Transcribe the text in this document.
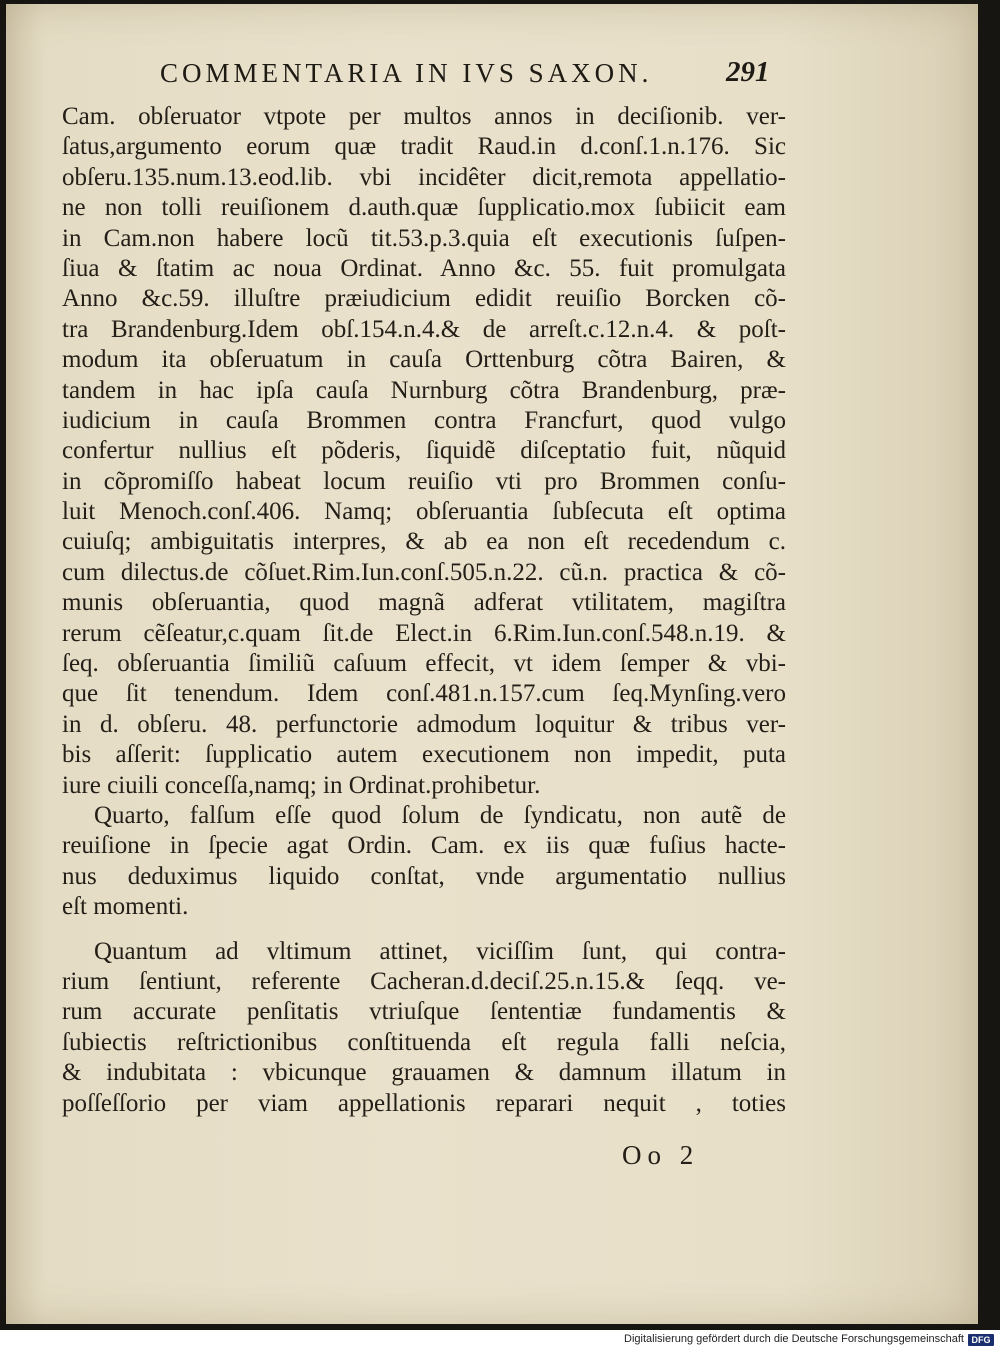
COMMENTARIA IN IVS SAXON.	291
Cam. obſeruator vtpote per multos annos in deciſionib. ver-
ſatus,argumento eorum quæ tradit Raud.in d.conſ.1.n.176. Sic
obſeru.135.num.13.eod.lib. vbi incidêter dicit,remota appellatio-
ne non tolli reuiſionem d.auth.quæ ſupplicatio.mox ſubiicit eam
in Cam.non habere locũ tit.53.p.3.quia eſt executionis ſuſpen-
ſiua & ſtatim ac noua Ordinat. Anno &c. 55. fuit promulgata
Anno &c.59. illuſtre præiudicium edidit reuiſio Borcken cõ-
tra Brandenburg.Idem obſ.154.n.4.& de arreſt.c.12.n.4. & poſt-
modum ita obſeruatum in cauſa Orttenburg cõtra Bairen, &
tandem in hac ipſa cauſa Nurnburg cõtra Brandenburg, præ-
iudicium in cauſa Brommen contra Francfurt, quod vulgo
confertur nullius eſt põderis, ſiquidẽ diſceptatio fuit, nũquid
in cõpromiſſo habeat locum reuiſio vti pro Brommen conſu-
luit Menoch.conſ.406. Namq; obſeruantia ſubſecuta eſt optima
cuiuſq; ambiguitatis interpres, & ab ea non eſt recedendum c.
cum dilectus.de cõſuet.Rim.Iun.conſ.505.n.22. cũ.n. practica & cõ-
munis obſeruantia, quod magnã adferat vtilitatem, magiſtra
rerum cẽſeatur,c.quam ſit.de Elect.in 6.Rim.Iun.conſ.548.n.19. &
ſeq. obſeruantia ſimiliũ caſuum effecit, vt idem ſemper & vbi-
que ſit tenendum. Idem conſ.481.n.157.cum ſeq.Mynſing.vero
in d. obſeru. 48. perfunctorie admodum loquitur & tribus ver-
bis aſſerit: ſupplicatio autem executionem non impedit, puta
iure ciuili conceſſa,namq; in Ordinat.prohibetur.
Quarto, falſum eſſe quod ſolum de ſyndicatu, non autẽ de
reuiſione in ſpecie agat Ordin. Cam. ex iis quæ fuſius hacte-
nus deduximus liquido conſtat, vnde argumentatio nullius
eſt momenti.
Quantum ad vltimum attinet, viciſſim ſunt, qui contra-
rium ſentiunt, referente Cacheran.d.deciſ.25.n.15.& ſeqq. ve-
rum accurate penſitatis vtriuſque ſententiæ fundamentis &
ſubiectis reſtrictionibus conſtituenda eſt regula falli neſcia,
& indubitata : vbicunque grauamen & damnum illatum in
poſſeſſorio per viam appellationis reparari nequit , toties
Oo 2
Digitalisierung gefördert durch die Deutsche Forschungsgemeinschaft DFG
